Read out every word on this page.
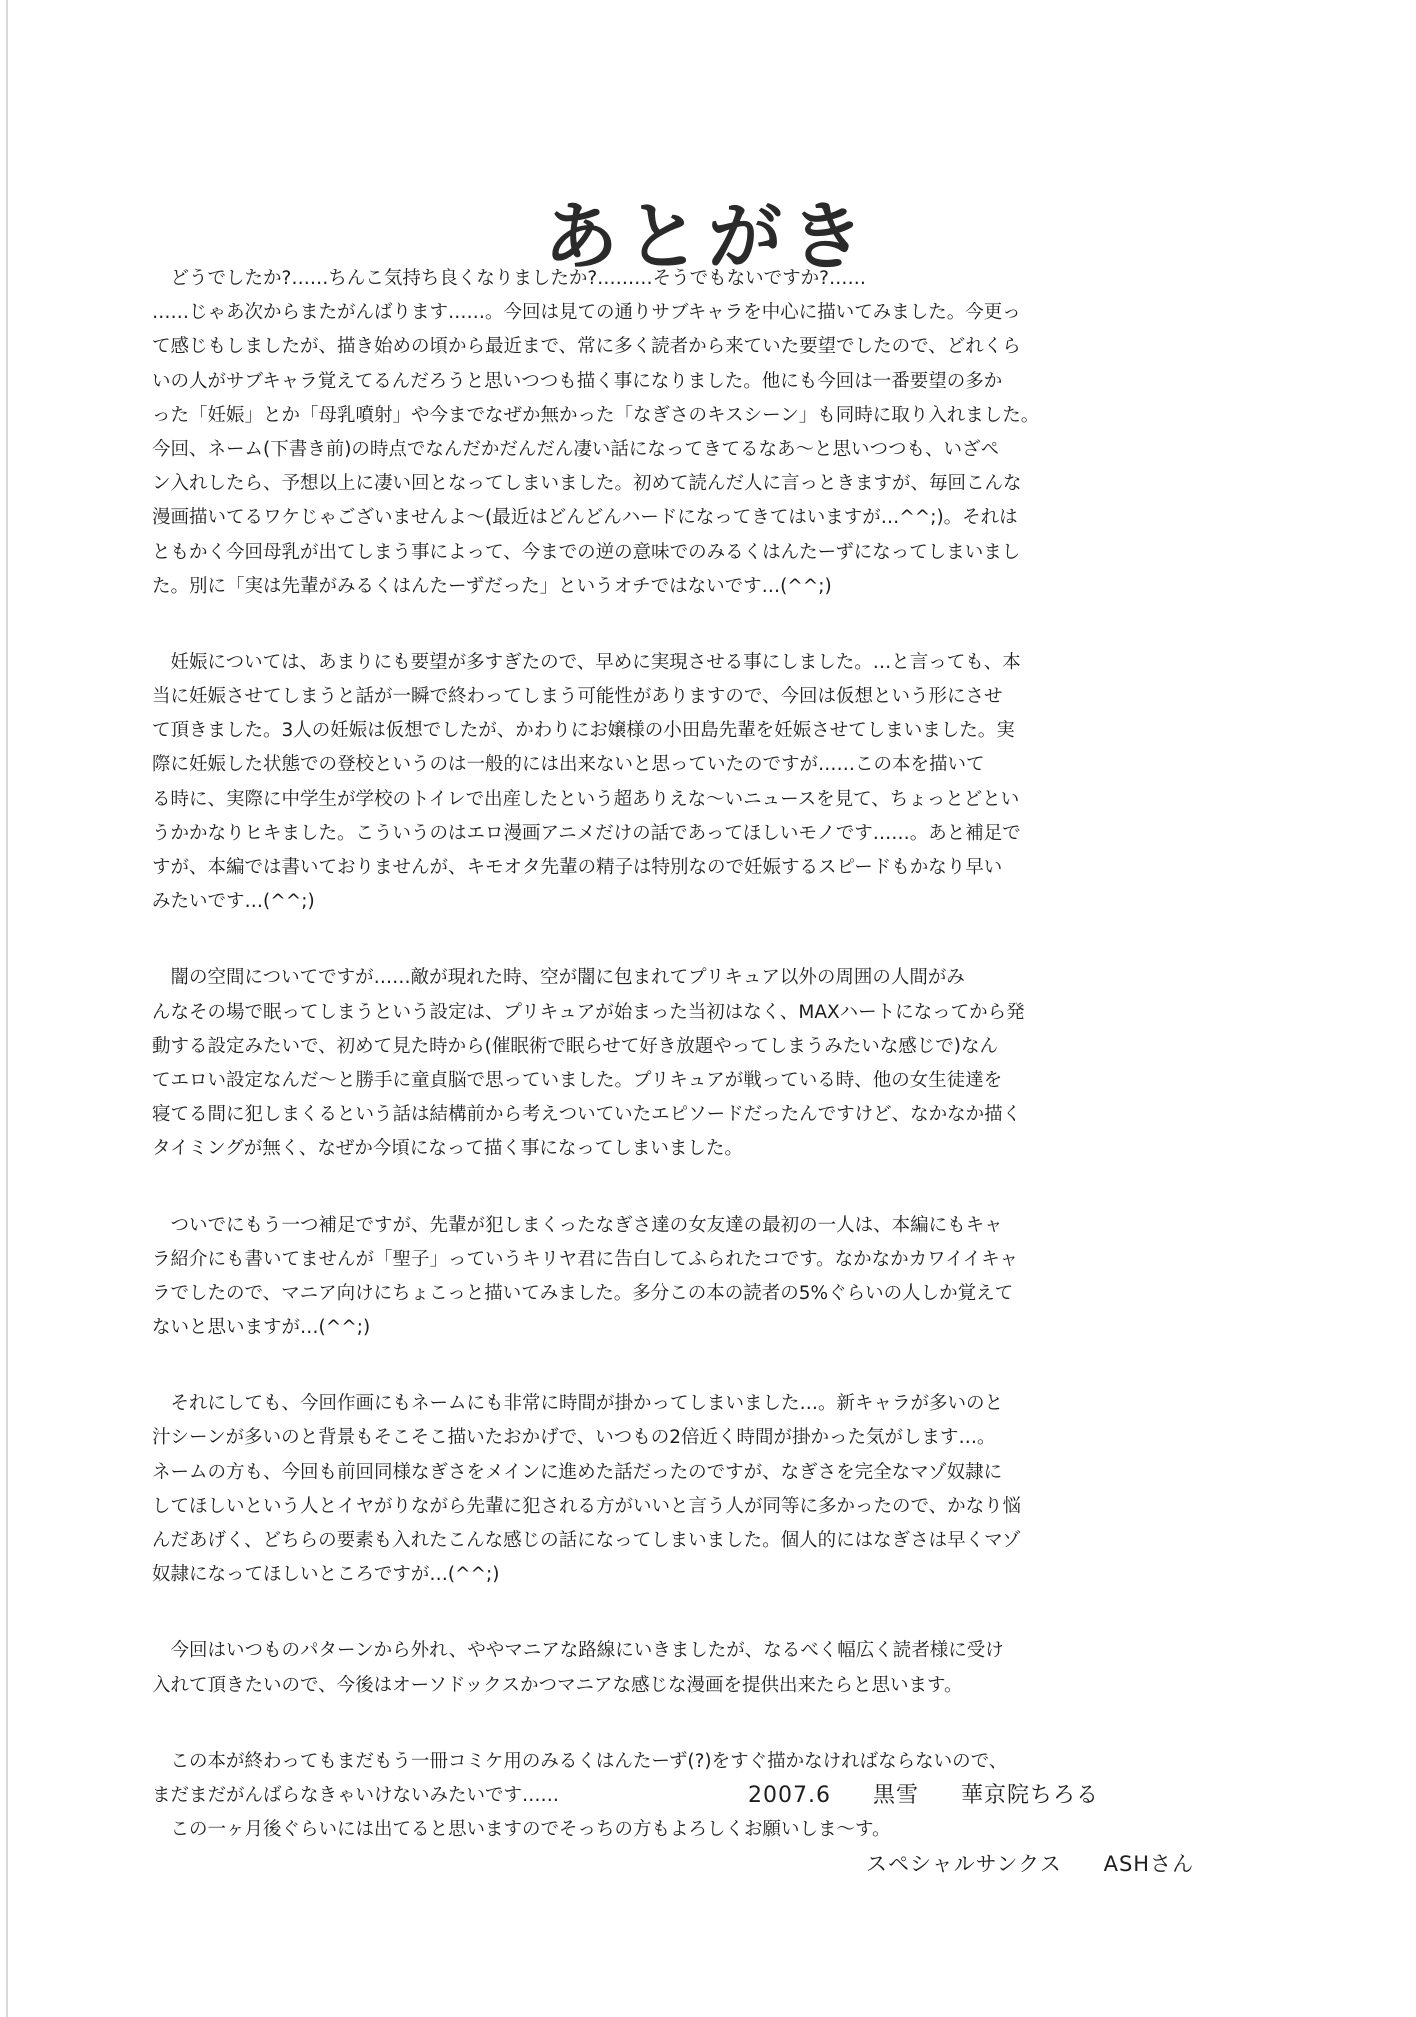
あとがき
　どうでしたか?……ちんこ気持ち良くなりましたか?………そうでもないですか?……
……じゃあ次からまたがんばります……。今回は見ての通りサブキャラを中心に描いてみました。今更っ
て感じもしましたが、描き始めの頃から最近まで、常に多く読者から来ていた要望でしたので、どれくら
いの人がサブキャラ覚えてるんだろうと思いつつも描く事になりました。他にも今回は一番要望の多か
った「妊娠」とか「母乳噴射」や今までなぜか無かった「なぎさのキスシーン」も同時に取り入れました。
今回、ネーム(下書き前)の時点でなんだかだんだん凄い話になってきてるなあ〜と思いつつも、いざペ
ン入れしたら、予想以上に凄い回となってしまいました。初めて読んだ人に言っときますが、毎回こんな
漫画描いてるワケじゃございませんよ〜(最近はどんどんハードになってきてはいますが…^^;)。それは
ともかく今回母乳が出てしまう事によって、今までの逆の意味でのみるくはんたーずになってしまいまし
た。別に「実は先輩がみるくはんたーずだった」というオチではないです…(^^;)
　妊娠については、あまりにも要望が多すぎたので、早めに実現させる事にしました。…と言っても、本
当に妊娠させてしまうと話が一瞬で終わってしまう可能性がありますので、今回は仮想という形にさせ
て頂きました。3人の妊娠は仮想でしたが、かわりにお嬢様の小田島先輩を妊娠させてしまいました。実
際に妊娠した状態での登校というのは一般的には出来ないと思っていたのですが……この本を描いて
る時に、実際に中学生が学校のトイレで出産したという超ありえな〜いニュースを見て、ちょっとどとい
うかかなりヒキました。こういうのはエロ漫画アニメだけの話であってほしいモノです……。あと補足で
すが、本編では書いておりませんが、キモオタ先輩の精子は特別なので妊娠するスピードもかなり早い
みたいです…(^^;)
　闇の空間についてですが……敵が現れた時、空が闇に包まれてプリキュア以外の周囲の人間がみ
んなその場で眠ってしまうという設定は、プリキュアが始まった当初はなく、MAXハートになってから発
動する設定みたいで、初めて見た時から(催眠術で眠らせて好き放題やってしまうみたいな感じで)なん
てエロい設定なんだ〜と勝手に童貞脳で思っていました。プリキュアが戦っている時、他の女生徒達を
寝てる間に犯しまくるという話は結構前から考えついていたエピソードだったんですけど、なかなか描く
タイミングが無く、なぜか今頃になって描く事になってしまいました。
　ついでにもう一つ補足ですが、先輩が犯しまくったなぎさ達の女友達の最初の一人は、本編にもキャ
ラ紹介にも書いてませんが「聖子」っていうキリヤ君に告白してふられたコです。なかなかカワイイキャ
ラでしたので、マニア向けにちょこっと描いてみました。多分この本の読者の5%ぐらいの人しか覚えて
ないと思いますが…(^^;)
　それにしても、今回作画にもネームにも非常に時間が掛かってしまいました…。新キャラが多いのと
汁シーンが多いのと背景もそこそこ描いたおかげで、いつもの2倍近く時間が掛かった気がします…。
ネームの方も、今回も前回同様なぎさをメインに進めた話だったのですが、なぎさを完全なマゾ奴隷に
してほしいという人とイヤがりながら先輩に犯される方がいいと言う人が同等に多かったので、かなり悩
んだあげく、どちらの要素も入れたこんな感じの話になってしまいました。個人的にはなぎさは早くマゾ
奴隷になってほしいところですが…(^^;)
　今回はいつものパターンから外れ、ややマニアな路線にいきましたが、なるべく幅広く読者様に受け
入れて頂きたいので、今後はオーソドックスかつマニアな感じな漫画を提供出来たらと思います。
　この本が終わってもまだもう一冊コミケ用のみるくはんたーず(?)をすぐ描かなければならないので、
まだまだがんばらなきゃいけないみたいです……
　この一ヶ月後ぐらいには出てると思いますのでそっちの方もよろしくお願いしま〜す。
2007.6 黒雪 華京院ちろる
スペシャルサンクス ASHさん
